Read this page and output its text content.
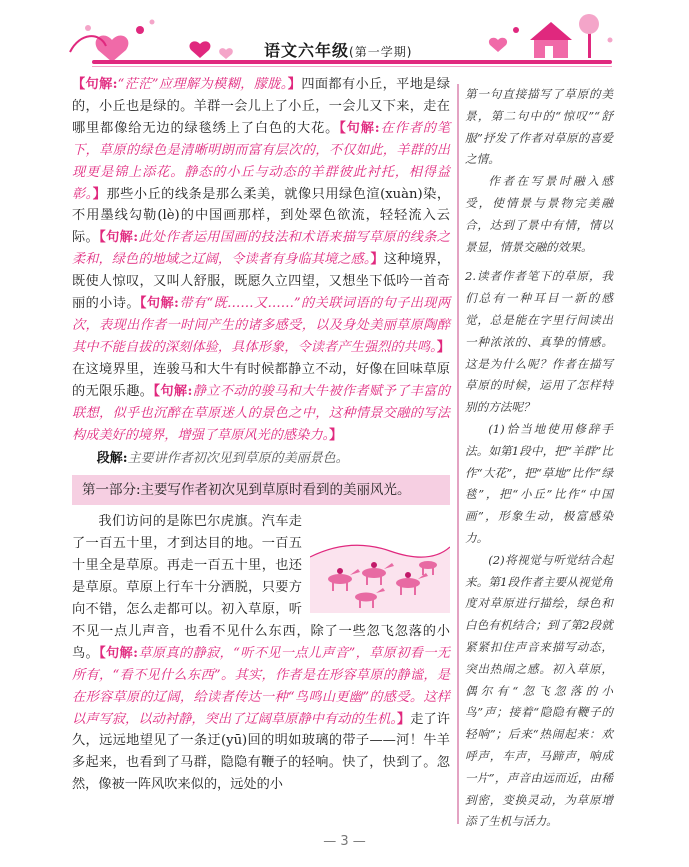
语文六年级(第一学期)

【句解:“茫茫”应理解为模糊，朦胧。】四面都有小丘，平地是绿的，小丘也是绿的。羊群一会儿上了小丘，一会儿又下来，走在哪里都像给无边的绿毯绣上了白色的大花。【句解:在作者的笔下，草原的绿色是清晰明朗而富有层次的，不仅如此，羊群的出现更是锦上添花。静态的小丘与动态的羊群彼此衬托，相得益彰。】那些小丘的线条是那么柔美，就像只用绿色渲(xuàn)染，不用墨线勾勒(lè)的中国画那样，到处翠色欲流，轻轻流入云际。【句解:此处作者运用国画的技法和术语来描写草原的线条之柔和，绿色的地域之辽阔，令读者有身临其境之感。】这种境界，既使人惊叹，又叫人舒服，既愿久立四望，又想坐下低吟一首奇丽的小诗。【句解:带有“既……又……”的关联词语的句子出现两次，表现出作者一时间产生的诸多感受，以及身处美丽草原陶醉其中不能自拔的深刻体验，具体形象，令读者产生强烈的共鸣。】在这境界里，连骏马和大牛有时候都静立不动，好像在回味草原的无限乐趣。【句解:静立不动的骏马和大牛被作者赋予了丰富的联想，似乎也沉醉在草原迷人的景色之中，这种情景交融的写法构成美好的境界，增强了草原风光的感染力。】

段解:主要讲作者初次见到草原的美丽景色。
第一部分:主要写作者初次见到草原时看到的美丽风光。

我们访问的是陈巴尔虎旗。汽车走了一百五十里，才到达目的地。一百五十里全是草原。再走一百五十里，也还是草原。草原上行车十分洒脱，只要方向不错，怎么走都可以。初入草原，听不见一点儿声音，也看不见什么东西，除了一些忽飞忽落的小鸟。【句解:草原真的静寂，“听不见一点儿声音”，草原初看一无所有，“看不见什么东西”。其实，作者是在形容草原的静谧，是在形容草原的辽阔，给读者传达一种“鸟鸣山更幽”的感受。这样以声写寂，以动衬静，突出了辽阔草原静中有动的生机。】走了许久，远远地望见了一条迂(yū)回的明如玻璃的带子——河！牛羊多起来，也看到了马群，隐隐有鞭子的轻响。快了，快到了。忽然，像被一阵风吹来似的，远处的小

第一句直接描写了草原的美景，第二句中的“惊叹”“舒服”抒发了作者对草原的喜爱之情。

作者在写景时融入感受，使情景与景物完美融合，达到了景中有情，情以景显，情景交融的效果。

2.读者作者笔下的草原，我们总有一种耳目一新的感觉，总是能在字里行间读出一种浓浓的、真挚的情感。这是为什么呢？作者在描写草原的时候，运用了怎样特别的方法呢？

(1)恰当地使用修辞手法。如第1段中，把“羊群”比作“大花”，把“草地”比作“绿毯”，把“小丘”比作“中国画”，形象生动，极富感染力。

(2)将视觉与听觉结合起来。第1段作者主要从视觉角度对草原进行描绘，绿色和白色有机结合；到了第2段就紧紧扣住声音来描写动态，突出热闹之感。初入草原，偶尔有“忽飞忽落的小鸟”声；接着“隐隐有鞭子的轻响”；后来“热闹起来：欢呼声，车声，马蹄声，响成一片”，声音由远而近，由稀到密，变换灵动，为草原增添了生机与活力。

— 3 —
